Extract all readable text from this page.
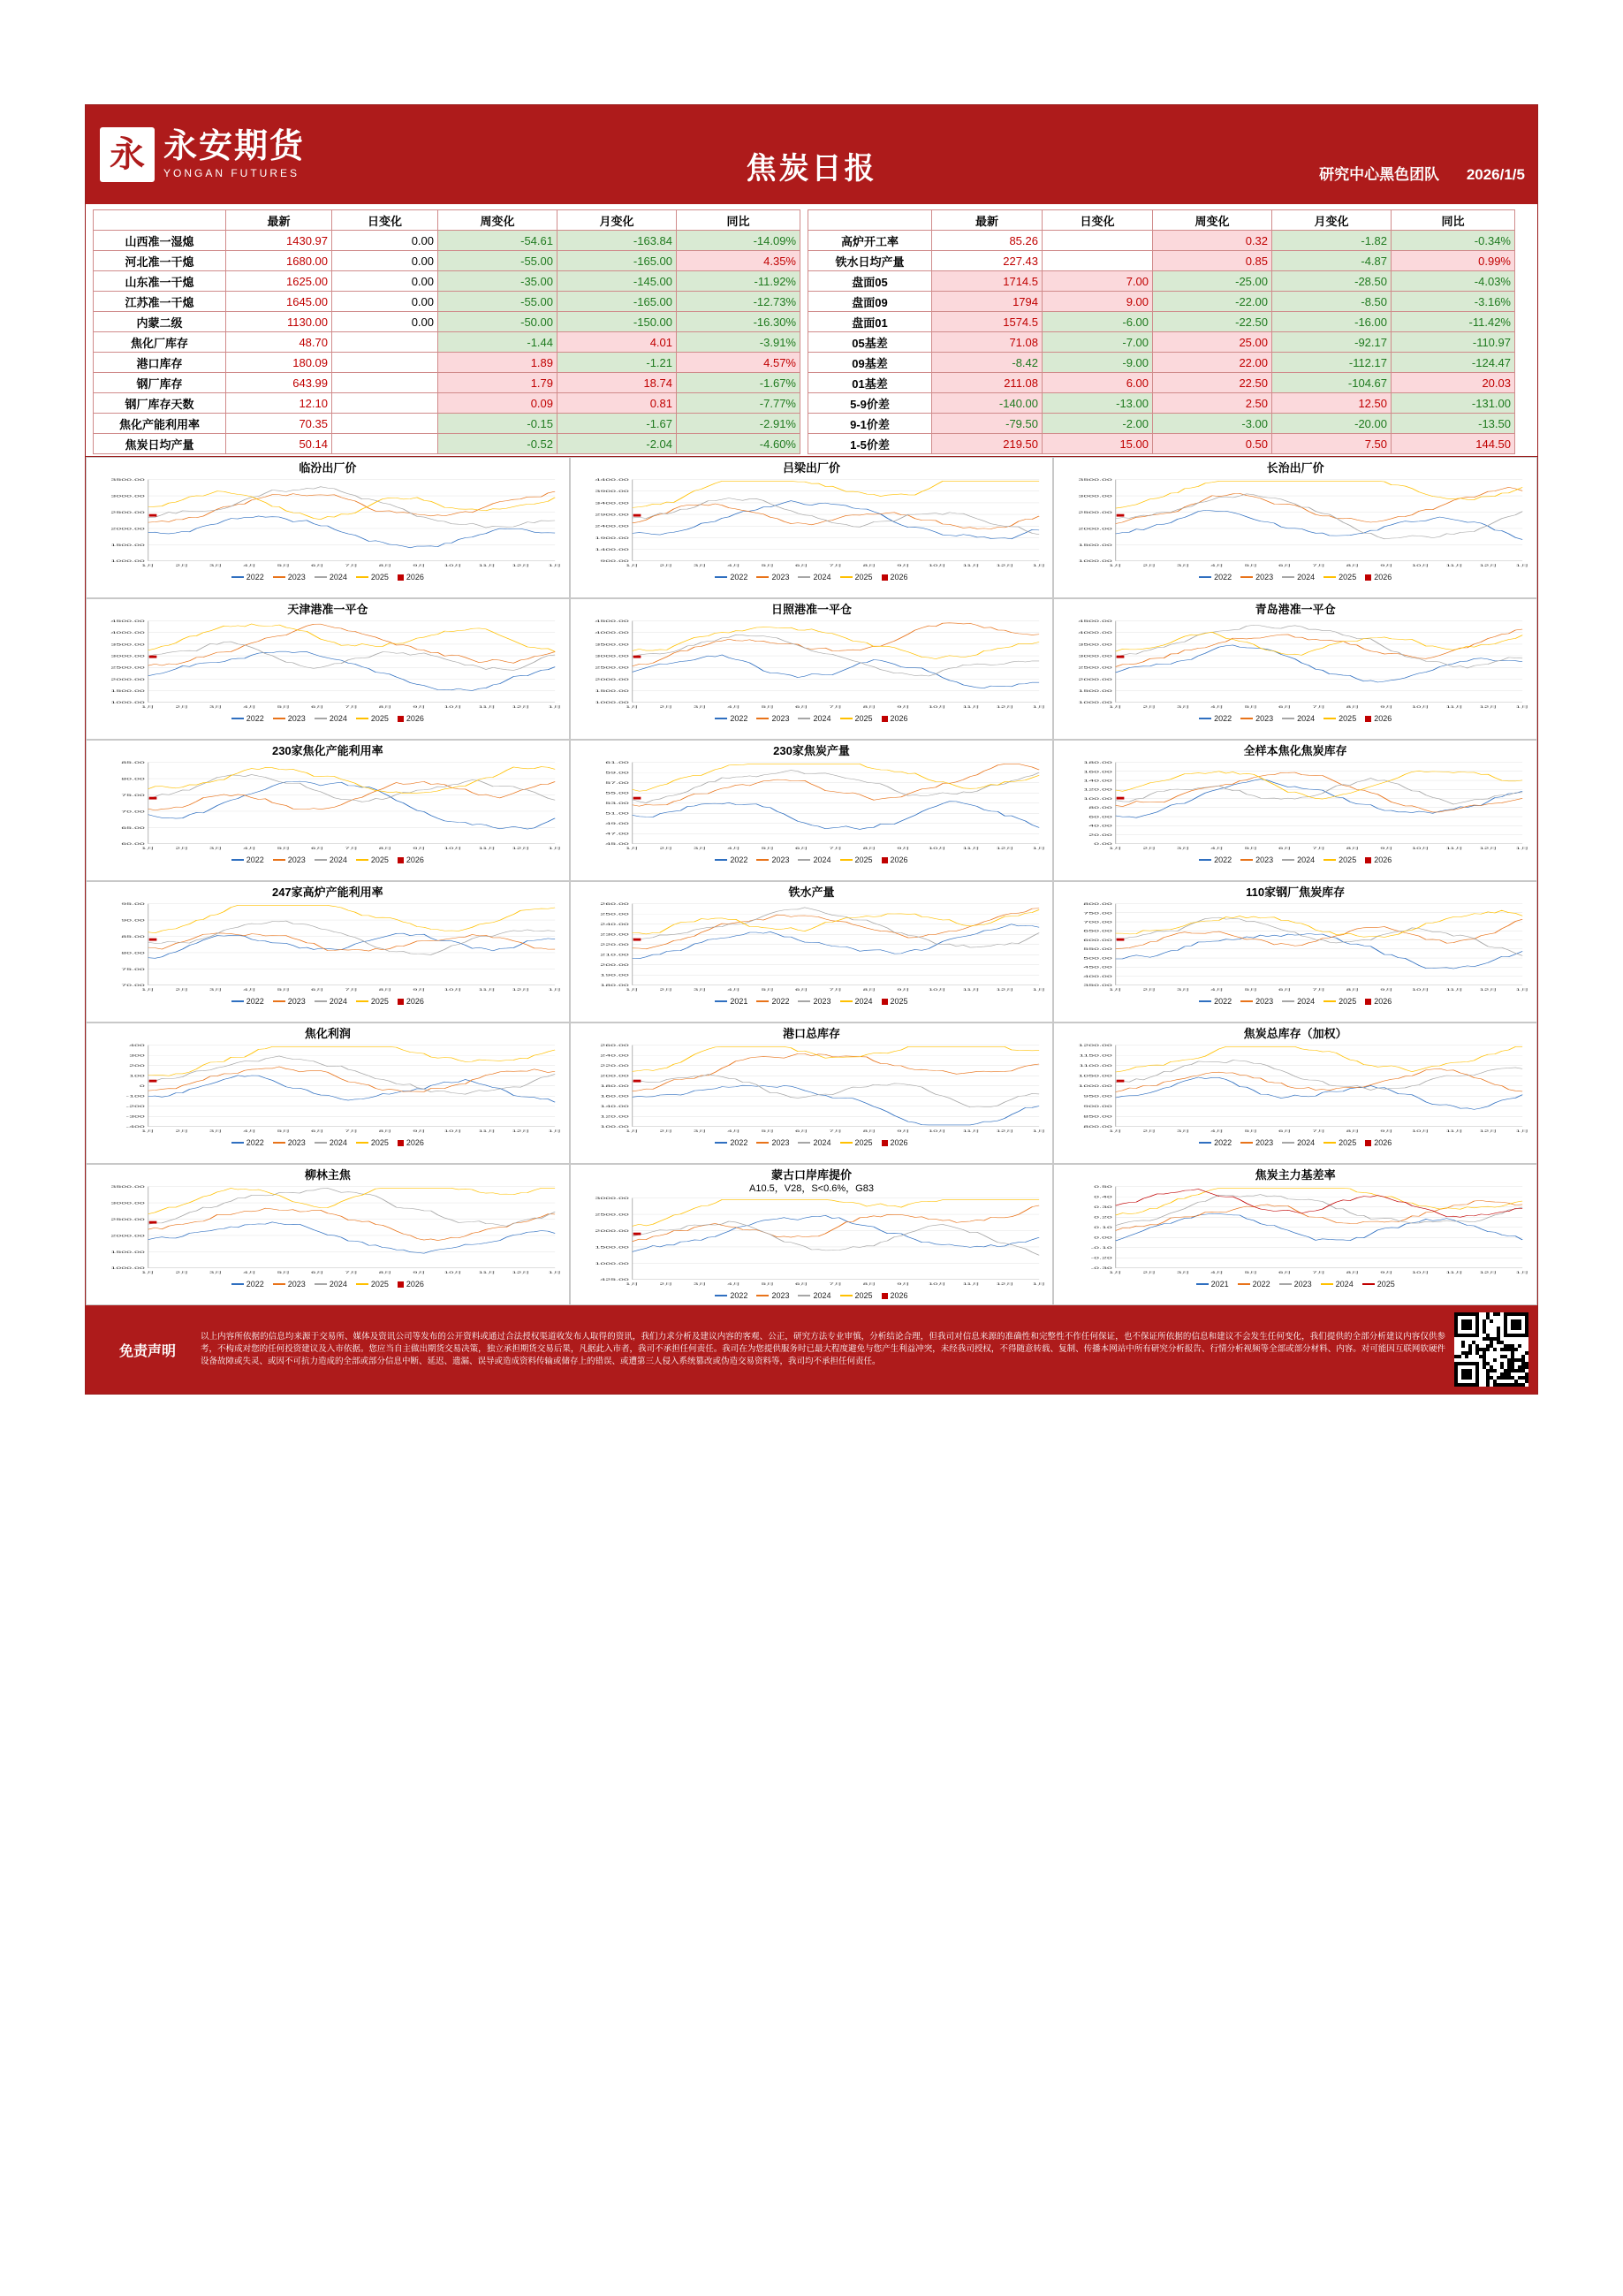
永 永安期货
YONGAN FUTURES	焦炭日报	研究中心黑色团队 2026/1/5
	最新	日变化	周变化	月变化	同比
山西准一湿熄	1430.97	0.00	-54.61	-163.84	-14.09%
河北准一干熄	1680.00	0.00	-55.00	-165.00	4.35%
山东准一干熄	1625.00	0.00	-35.00	-145.00	-11.92%
江苏准一干熄	1645.00	0.00	-55.00	-165.00	-12.73%
内蒙二级	1130.00	0.00	-50.00	-150.00	-16.30%
焦化厂库存	48.70		-1.44	4.01	-3.91%
港口库存	180.09		1.89	-1.21	4.57%
钢厂库存	643.99		1.79	18.74	-1.67%
钢厂库存天数	12.10		0.09	0.81	-7.77%
焦化产能利用率	70.35		-0.15	-1.67	-2.91%
焦炭日均产量	50.14		-0.52	-2.04	-4.60%
	最新	日变化	周变化	月变化	同比
高炉开工率	85.26		0.32	-1.82	-0.34%
铁水日均产量	227.43		0.85	-4.87	0.99%
盘面05	1714.5	7.00	-25.00	-28.50	-4.03%
盘面09	1794	9.00	-22.00	-8.50	-3.16%
盘面01	1574.5	-6.00	-22.50	-16.00	-11.42%
05基差	71.08	-7.00	25.00	-92.17	-110.97
09基差	-8.42	-9.00	22.00	-112.17	-124.47
01基差	211.08	6.00	22.50	-104.67	20.03
5-9价差	-140.00	-13.00	2.50	12.50	-131.00
9-1价差	-79.50	-2.00	-3.00	-20.00	-13.50
1-5价差	219.50	15.00	0.50	7.50	144.50
临汾出厂价
3500.00
3000.00
2500.00
2000.00
1500.00
1000.00
1月 2月 3月 4月 5月 6月 7月 8月 9月 10月 11月 12月 1月
2022	2023	2024	2025 2026
吕梁出厂价
4400.00
3900.00
3400.00
2900.00
2400.00
1900.00
1400.00
900.00
1月 2月 3月 4月 5月 6月 7月 8月 9月 10月 11月 12月 1月
2022	2023	2024	2025 2026
长治出厂价
3500.00
3000.00
2500.00
2000.00
1500.00
1000.00
1月 2月 3月 4月 5月 6月 7月 8月 9月 10月 11月 12月 1月
2022	2023	2024	2025 2026
天津港准一平仓
4500.00
4000.00
3500.00
3000.00
2500.00
2000.00
1500.00
1000.00
1月 2月 3月 4月 5月 6月 7月 8月 9月 10月 11月 12月 1月
2022	2023	2024	2025 2026
日照港准一平仓
4500.00
4000.00
3500.00
3000.00
2500.00
2000.00
1500.00
1000.00
1月 2月 3月 4月 5月 6月 7月 8月 9月 10月 11月 12月 1月
2022	2023	2024	2025 2026
青岛港准一平仓
4500.00
4000.00
3500.00
3000.00
2500.00
2000.00
1500.00
1000.00
1月 2月 3月 4月 5月 6月 7月 8月 9月 10月 11月 12月 1月
2022	2023	2024	2025 2026
230家焦化产能利用率
85.00
80.00
75.00
70.00
65.00
60.00
1月 2月 3月 4月 5月 6月 7月 8月 9月 10月 11月 12月 1月
2022	2023	2024	2025 2026
230家焦炭产量
61.00
59.00
57.00
55.00
53.00
51.00
49.00
47.00
45.00
1月 2月 3月 4月 5月 6月 7月 8月 9月 10月 11月 12月 1月
2022	2023	2024	2025 2026
全样本焦化焦炭库存
180.00
160.00
140.00
120.00
100.00
80.00
60.00
40.00
20.00
0.00
1月 2月 3月 4月 5月 6月 7月 8月 9月 10月 11月 12月 1月
2022	2023	2024	2025 2026
247家高炉产能利用率
95.00
90.00
85.00
80.00
75.00
70.00
1月 2月 3月 4月 5月 6月 7月 8月 9月 10月 11月 12月 1月
2022	2023	2024	2025 2026
铁水产量
260.00
250.00
240.00
230.00
220.00
210.00
200.00
190.00
180.00
1月 2月 3月 4月 5月 6月 7月 8月 9月 10月 11月 12月 1月
2021	2022	2023	2024 2025
110家钢厂焦炭库存
800.00
750.00
700.00
650.00
600.00
550.00
500.00
450.00
400.00
350.00
1月 2月 3月 4月 5月 6月 7月 8月 9月 10月 11月 12月 1月
2022	2023	2024	2025 2026
焦化利润
400
300
200
100
0
-100
-200
-300
-400
1月 2月 3月 4月 5月 6月 7月 8月 9月 10月 11月 12月 1月
2022	2023	2024	2025 2026
港口总库存
260.00
240.00
220.00
200.00
180.00
160.00
140.00
120.00
100.00
1月 2月 3月 4月 5月 6月 7月 8月 9月 10月 11月 12月 1月
2022	2023	2024	2025 2026
焦炭总库存（加权）
1200.00
1150.00
1100.00
1050.00
1000.00
950.00
900.00
850.00
800.00
1月 2月 3月 4月 5月 6月 7月 8月 9月 10月 11月 12月 1月
2022	2023	2024	2025 2026
柳林主焦
3500.00
3000.00
2500.00
2000.00
1500.00
1000.00
1月 2月 3月 4月 5月 6月 7月 8月 9月 10月 11月 12月 1月
2022	2023	2024	2025 2026
蒙古口岸库提价
A10.5，V28，S<0.6%，G83
3000.00
2500.00
2000.00
1500.00
1000.00
425.00
1月 2月 3月 4月 5月 6月 7月 8月 9月 10月 11月 12月 1月
2022	2023	2024	2025 2026
焦炭主力基差率
0.50
0.40
0.30
0.20
0.10
0.00
-0.10
-0.20
-0.30
1月 2月 3月 4月 5月 6月 7月 8月 9月 10月 11月 12月 1月
2021	2022	2023	2024	2025
免责声明
以上内容所依据的信息均来源于交易所、媒体及资讯公司等发布的公开资料或通过合法授权渠道收发布人取得的资讯，我们力求分析及建议内容的客观、公正，研究方法专业审慎，分析结论合理，但我司对信息来源的准确性和完整性不作任何保证，也不保证所依据的信息和建议不会发生任何变化，我们提供的全部分析建议内容仅供参考，不构成对您的任何投资建议及入市依据。您应当自主做出期货交易决策，独立承担期货交易后果，凡据此入市者，我司不承担任何责任。我司在为您提供服务时已最大程度避免与您产生利益冲突，未经我司授权，不得随意转载、复制、传播本网站中所有研究分析报告、行情分析视频等全部或部分材料、内容。对可能因互联网软硬件设备故障或失灵、或因不可抗力造成的全部或部分信息中断、延迟、遗漏、误导或造成资料传输或储存上的错误、或遭第三人侵入系统篡改或伪造交易资料等，我司均不承担任何责任。
